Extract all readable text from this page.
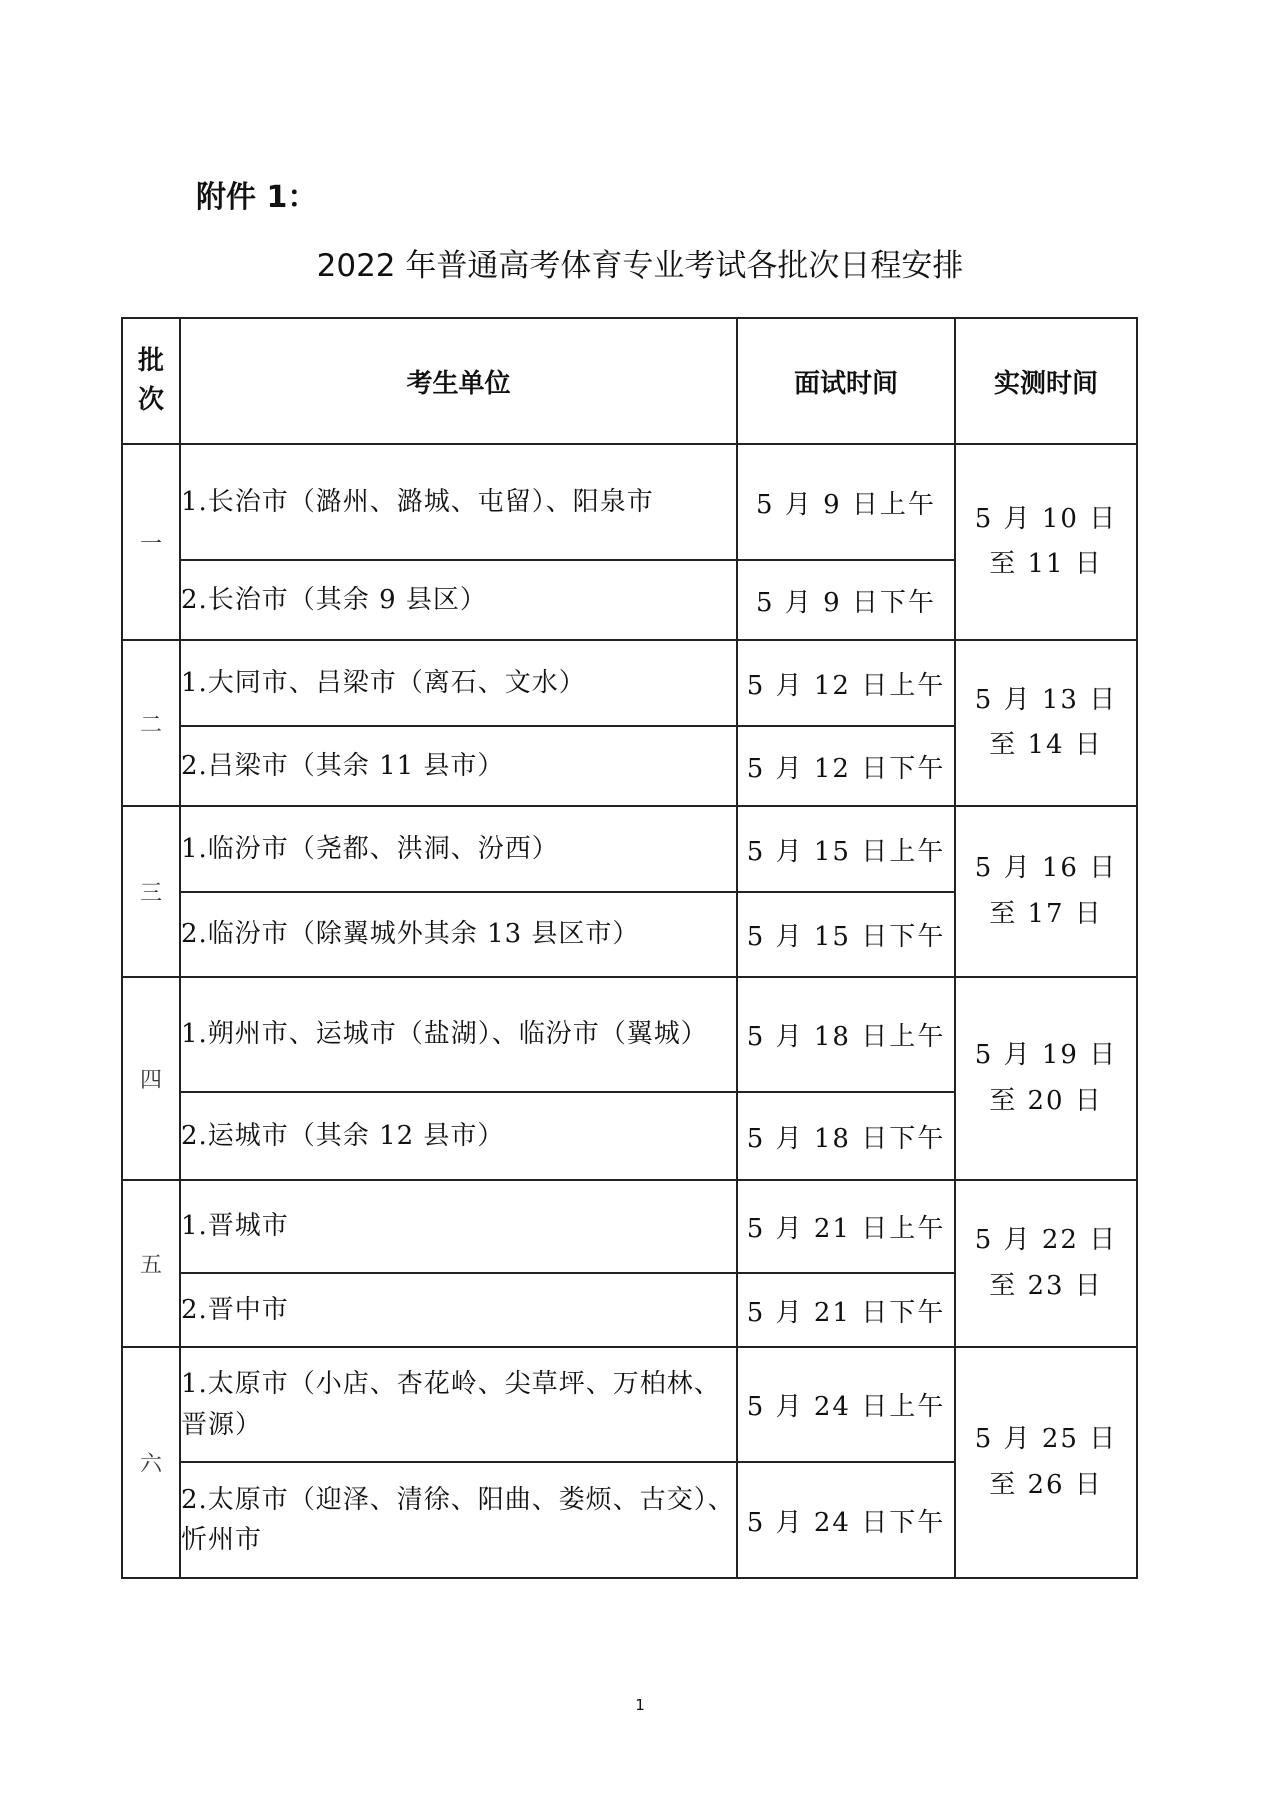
附件 1：
2022 年普通高考体育专业考试各批次日程安排
批
次	考生单位	面试时间	实测时间
一	1.长治市（潞州、潞城、屯留）、阳泉市	5 月 9 日上午	5 月 10 日
至 11 日
	2.长治市（其余 9 县区）	5 月 9 日下午	
二	1.大同市、吕梁市（离石、文水）	5 月 12 日上午	5 月 13 日
至 14 日
	2.吕梁市（其余 11 县市）	5 月 12 日下午	
三	1.临汾市（尧都、洪洞、汾西）	5 月 15 日上午	5 月 16 日
至 17 日
	2.临汾市（除翼城外其余 13 县区市）	5 月 15 日下午	
四	1.朔州市、运城市（盐湖）、临汾市（翼城）	5 月 18 日上午	5 月 19 日
至 20 日
	2.运城市（其余 12 县市）	5 月 18 日下午	
五	1.晋城市	5 月 21 日上午	5 月 22 日
至 23 日
	2.晋中市	5 月 21 日下午	
六	1.太原市（小店、杏花岭、尖草坪、万柏林、晋源）	5 月 24 日上午	5 月 25 日
至 26 日
	2.太原市（迎泽、清徐、阳曲、娄烦、古交）、忻州市	5 月 24 日下午	
1
